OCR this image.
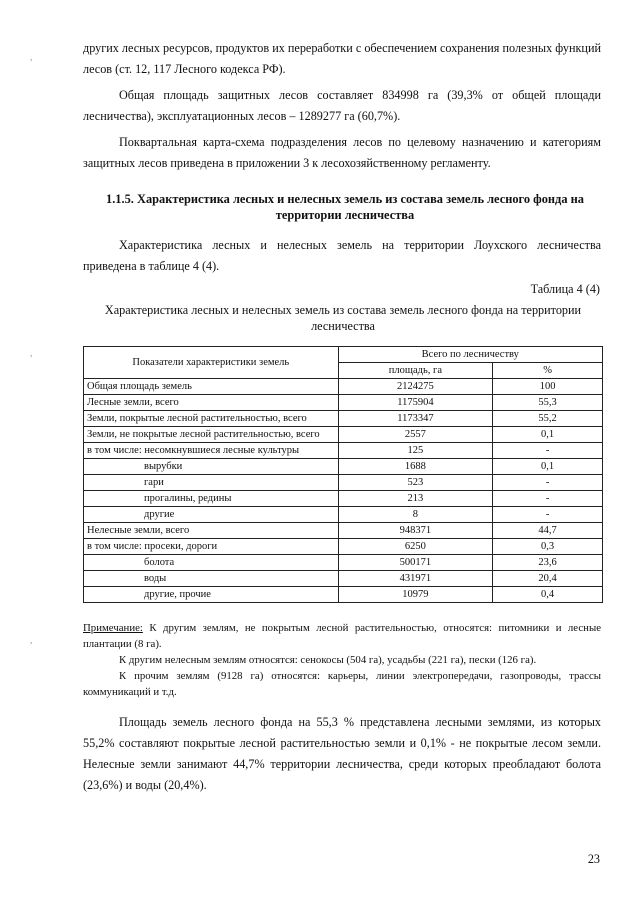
,
,
,

других лесных ресурсов, продуктов их переработки с обеспечением сохранения полезных функций лесов (ст. 12, 117 Лесного кодекса РФ).

Общая площадь защитных лесов составляет 834998 га (39,3% от общей площади лесничества), эксплуатационных лесов – 1289277 га (60,7%).

Поквартальная карта-схема подразделения лесов по целевому назначению и категориям защитных лесов приведена в приложении 3 к лесохозяйственному регламенту.

1.1.5. Характеристика лесных и нелесных земель из состава земель лесного фонда на территории лесничества

Характеристика лесных и нелесных земель на территории Лоухского лесничества приведена в таблице 4 (4).

Таблица 4 (4)
Характеристика лесных и нелесных земель из состава земель лесного фонда на территории лесничества
Показатели характеристики земель	Всего по лесничеству	
	площадь, га	%
Общая площадь земель	2124275	100
Лесные земли, всего	1175904	55,3
Земли, покрытые лесной растительностью, всего	1173347	55,2
Земли, не покрытые лесной растительностью, всего	2557	0,1
в том числе: несомкнувшиеся лесные культуры	125	-
вырубки	1688	0,1
гари	523	-
прогалины, редины	213	-
другие	8	-
Нелесные земли, всего	948371	44,7
в том числе: просеки, дороги	6250	0,3
болота	500171	23,6
воды	431971	20,4
другие, прочие	10979	0,4

Примечание: К другим землям, не покрытым лесной растительностью, относятся: питомники и лесные плантации (8 га).

К другим нелесным землям относятся: сенокосы (504 га), усадьбы (221 га), пески (126 га).

К прочим землям (9128 га) относятся: карьеры, линии электропередачи, газопроводы, трассы коммуникаций и т.д.

Площадь земель лесного фонда на 55,3 % представлена лесными землями, из которых 55,2% составляют покрытые лесной растительностью земли и 0,1% - не покрытые лесом земли. Нелесные земли занимают 44,7% территории лесничества, среди которых преобладают болота (23,6%) и воды (20,4%).

23
